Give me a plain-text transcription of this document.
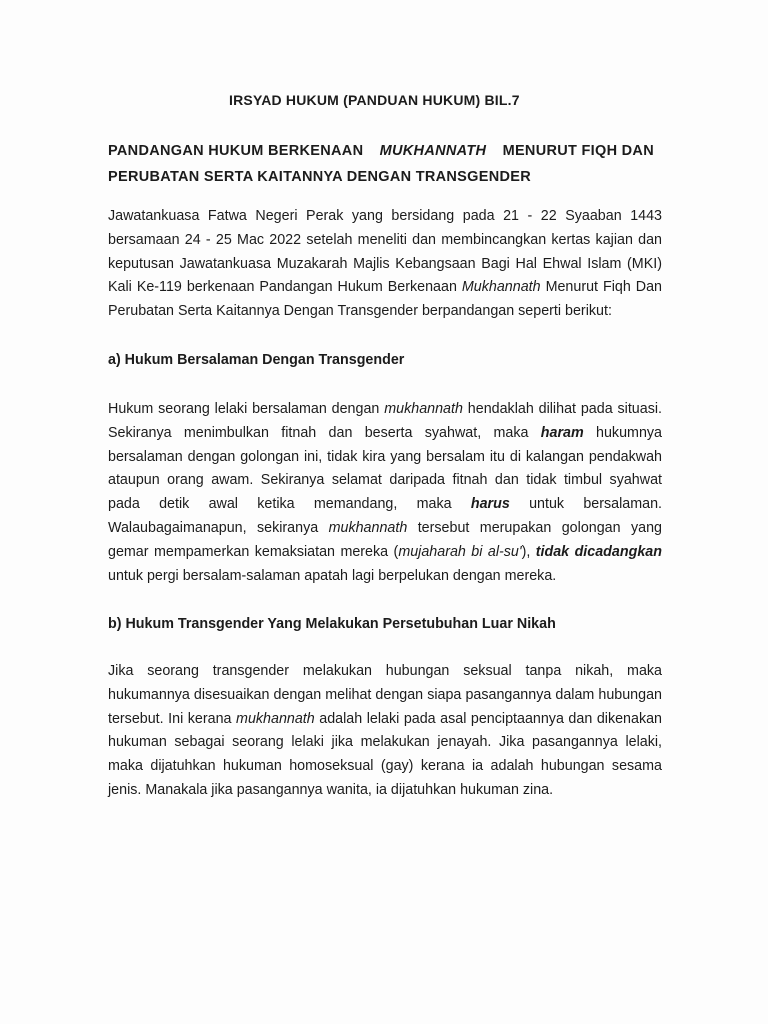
IRSYAD HUKUM (PANDUAN HUKUM) BIL.7
PANDANGAN HUKUM BERKENAAN MUKHANNATH MENURUT FIQH DAN
PERUBATAN SERTA KAITANNYA DENGAN TRANSGENDER
Jawatankuasa Fatwa Negeri Perak yang bersidang pada 21 - 22 Syaaban 1443 bersamaan 24 - 25 Mac 2022 setelah meneliti dan membincangkan kertas kajian dan keputusan Jawatankuasa Muzakarah Majlis Kebangsaan Bagi Hal Ehwal Islam (MKI) Kali Ke-119 berkenaan Pandangan Hukum Berkenaan Mukhannath Menurut Fiqh Dan Perubatan Serta Kaitannya Dengan Transgender berpandangan seperti berikut:
a) Hukum Bersalaman Dengan Transgender
Hukum seorang lelaki bersalaman dengan mukhannath hendaklah dilihat pada situasi. Sekiranya menimbulkan fitnah dan beserta syahwat, maka haram hukumnya bersalaman dengan golongan ini, tidak kira yang bersalam itu di kalangan pendakwah ataupun orang awam. Sekiranya selamat daripada fitnah dan tidak timbul syahwat pada detik awal ketika memandang, maka harus untuk bersalaman. Walaubagaimanapun, sekiranya mukhannath tersebut merupakan golongan yang gemar mempamerkan kemaksiatan mereka (mujaharah bi al-su'), tidak dicadangkan untuk pergi bersalam-salaman apatah lagi berpelukan dengan mereka.
b) Hukum Transgender Yang Melakukan Persetubuhan Luar Nikah
Jika seorang transgender melakukan hubungan seksual tanpa nikah, maka hukumannya disesuaikan dengan melihat dengan siapa pasangannya dalam hubungan tersebut. Ini kerana mukhannath adalah lelaki pada asal penciptaannya dan dikenakan hukuman sebagai seorang lelaki jika melakukan jenayah. Jika pasangannya lelaki, maka dijatuhkan hukuman homoseksual (gay) kerana ia adalah hubungan sesama jenis. Manakala jika pasangannya wanita, ia dijatuhkan hukuman zina.
